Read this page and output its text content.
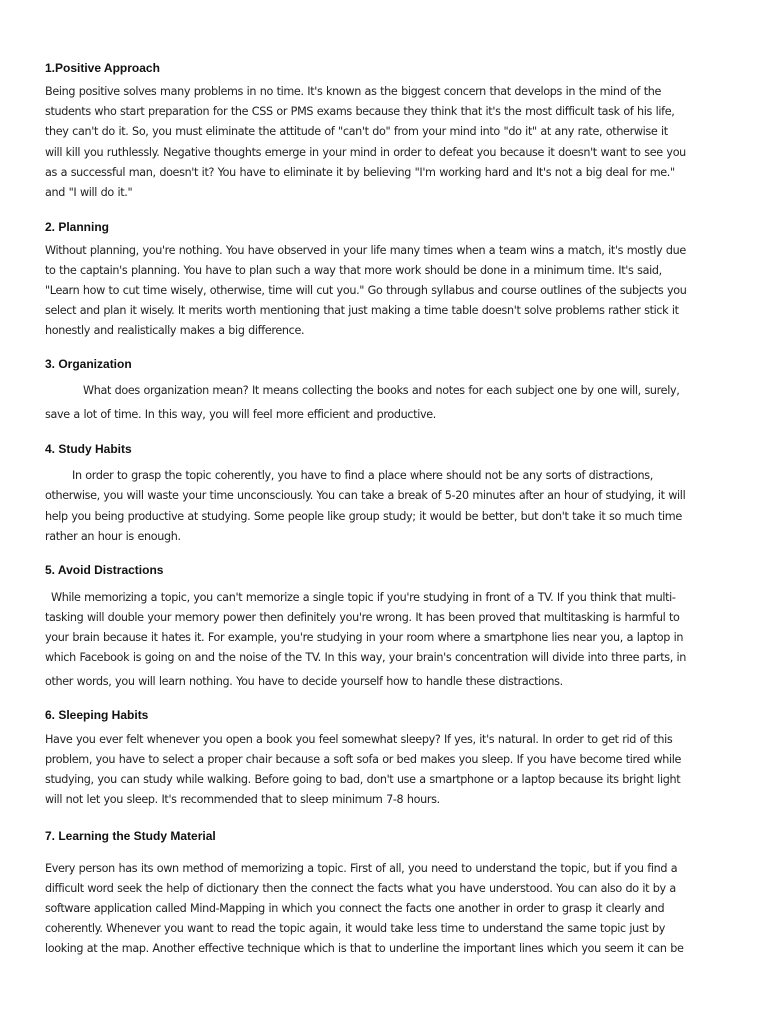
1.Positive Approach
Being positive solves many problems in no time. It's known as the biggest concern that develops in the mind of the
students who start preparation for the CSS or PMS exams because they think that it's the most difficult task of his life,
they can't do it. So, you must eliminate the attitude of "can't do" from your mind into "do it" at any rate, otherwise it
will kill you ruthlessly. Negative thoughts emerge in your mind in order to defeat you because it doesn't want to see you
as a successful man, doesn't it? You have to eliminate it by believing "I'm working hard and It's not a big deal for me."
and "I will do it."
2. Planning
Without planning, you're nothing. You have observed in your life many times when a team wins a match, it's mostly due
to the captain's planning. You have to plan such a way that more work should be done in a minimum time. It's said,
"Learn how to cut time wisely, otherwise, time will cut you." Go through syllabus and course outlines of the subjects you
select and plan it wisely. It merits worth mentioning that just making a time table doesn't solve problems rather stick it
honestly and realistically makes a big difference.
3. Organization
What does organization mean? It means collecting the books and notes for each subject one by one will, surely,
save a lot of time. In this way, you will feel more efficient and productive.
4. Study Habits
In order to grasp the topic coherently, you have to find a place where should not be any sorts of distractions,
otherwise, you will waste your time unconsciously. You can take a break of 5-20 minutes after an hour of studying, it will
help you being productive at studying. Some people like group study; it would be better, but don't take it so much time
rather an hour is enough.
5. Avoid Distractions
While memorizing a topic, you can't memorize a single topic if you're studying in front of a TV. If you think that multi-
tasking will double your memory power then definitely you're wrong. It has been proved that multitasking is harmful to
your brain because it hates it. For example, you're studying in your room where a smartphone lies near you, a laptop in
which Facebook is going on and the noise of the TV. In this way, your brain's concentration will divide into three parts, in
other words, you will learn nothing. You have to decide yourself how to handle these distractions.
6. Sleeping Habits
Have you ever felt whenever you open a book you feel somewhat sleepy? If yes, it's natural. In order to get rid of this
problem, you have to select a proper chair because a soft sofa or bed makes you sleep. If you have become tired while
studying, you can study while walking. Before going to bad, don't use a smartphone or a laptop because its bright light
will not let you sleep. It's recommended that to sleep minimum 7-8 hours.
7. Learning the Study Material
Every person has its own method of memorizing a topic. First of all, you need to understand the topic, but if you find a
difficult word seek the help of dictionary then the connect the facts what you have understood. You can also do it by a
software application called Mind-Mapping in which you connect the facts one another in order to grasp it clearly and
coherently. Whenever you want to read the topic again, it would take less time to understand the same topic just by
looking at the map. Another effective technique which is that to underline the important lines which you seem it can be
